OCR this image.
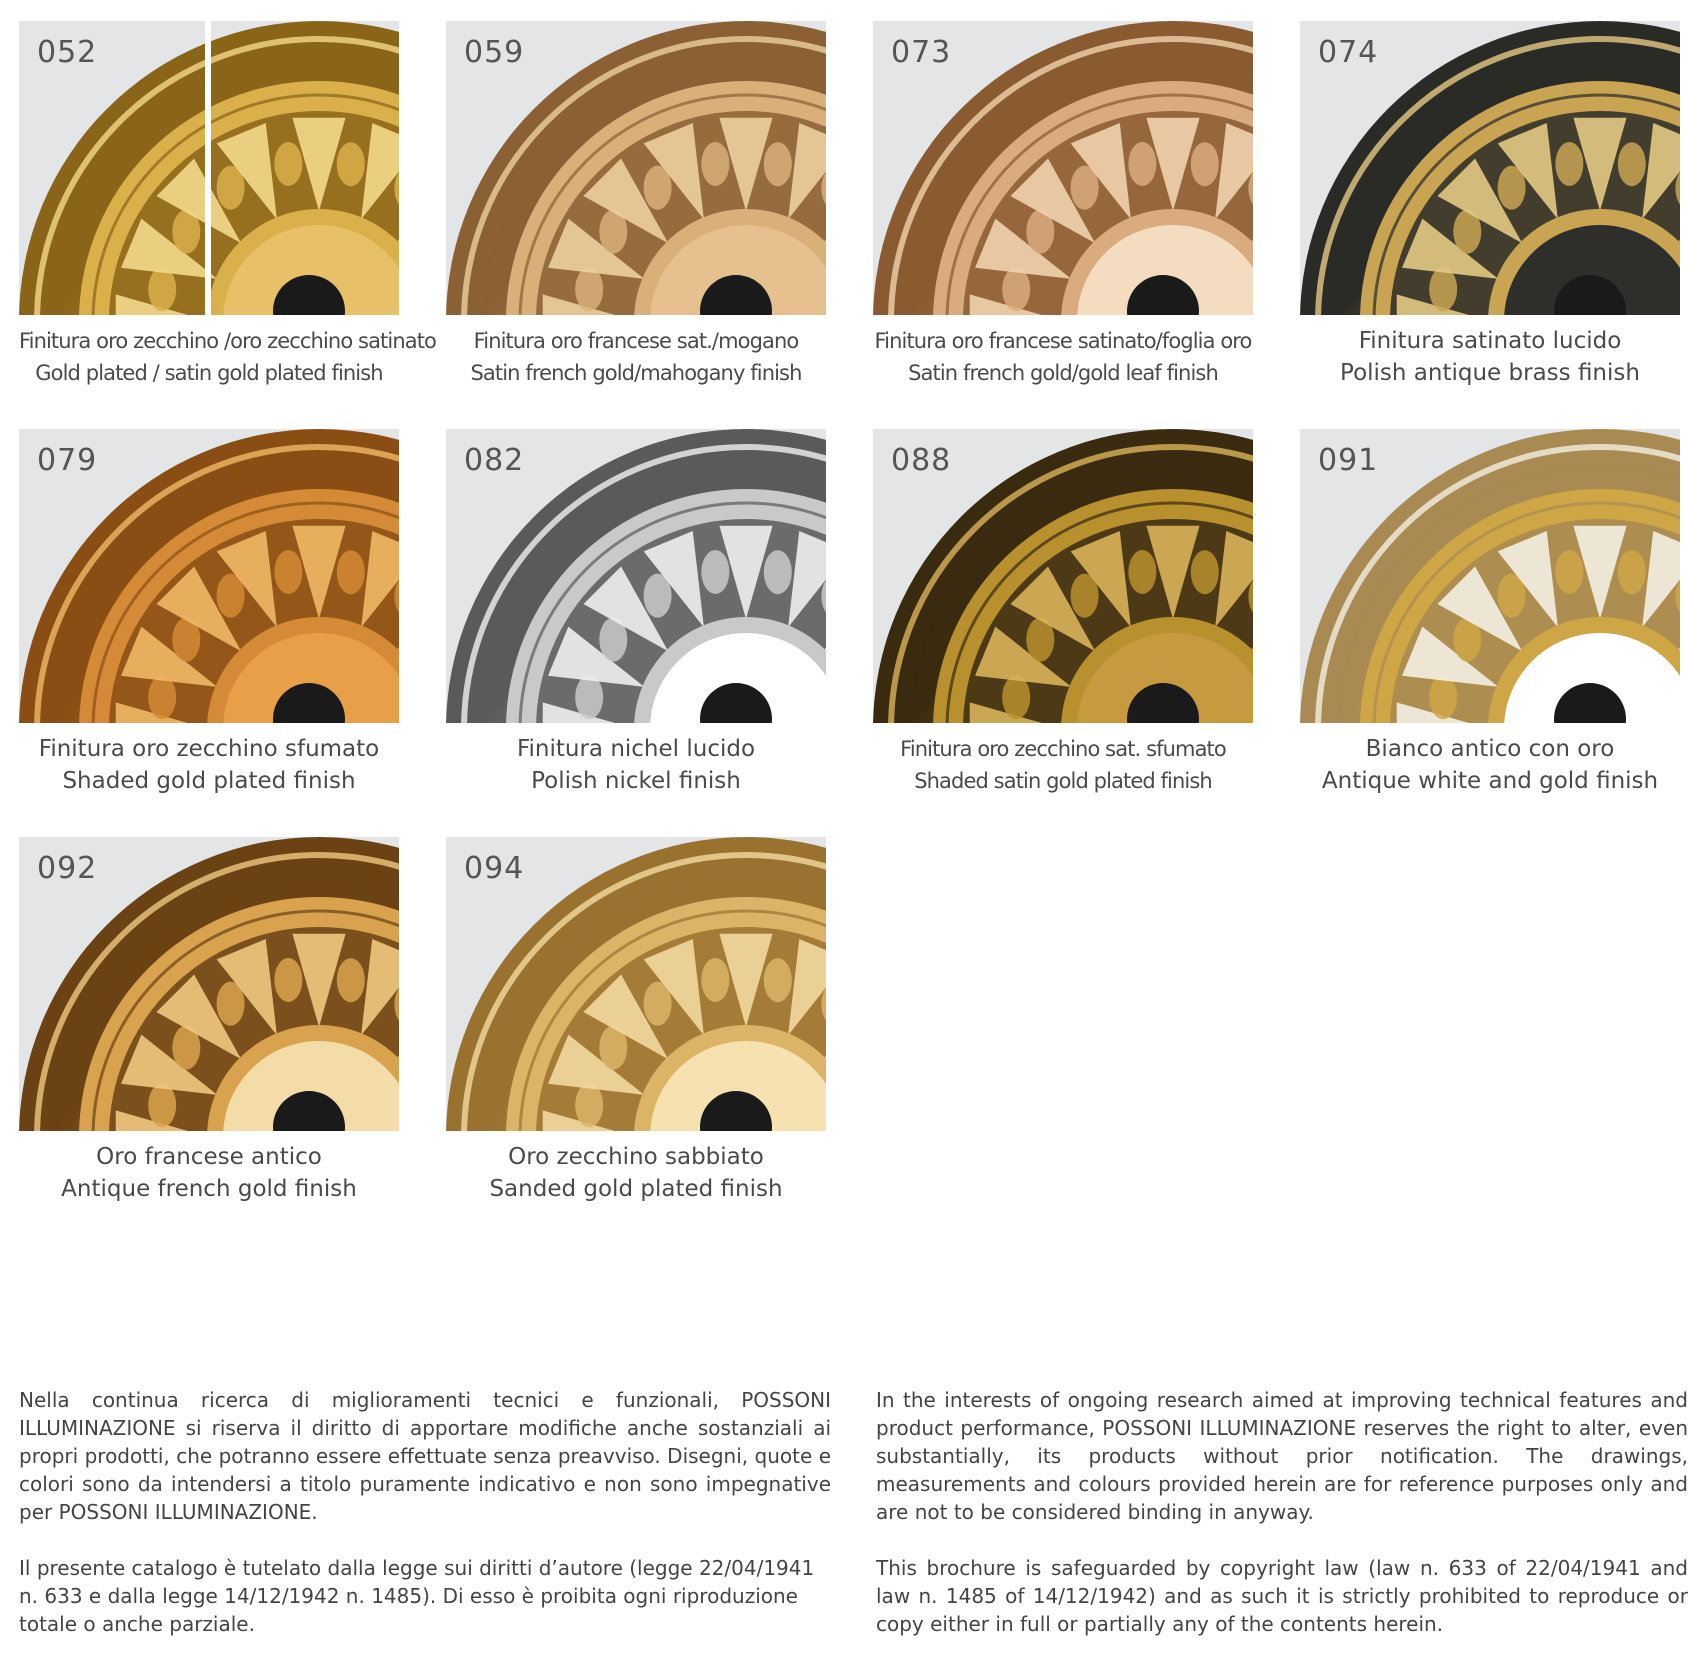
052
Finitura oro zecchino /oro zecchino satinato
Gold plated / satin gold plated finish
059
Finitura oro francese sat./mogano
Satin french gold/mahogany finish
073
Finitura oro francese satinato/foglia oro
Satin french gold/gold leaf finish
074
Finitura satinato lucido
Polish antique brass finish
079
Finitura oro zecchino sfumato
Shaded gold plated finish
082
Finitura nichel lucido
Polish nickel finish
088
Finitura oro zecchino sat. sfumato
Shaded satin gold plated finish
091
Bianco antico con oro
Antique white and gold finish
092
Oro francese antico
Antique french gold finish
094
Oro zecchino sabbiato
Sanded gold plated finish

Nella continua ricerca di miglioramenti tecnici e funzionali, POSSONI ILLUMINAZIONE si riserva il diritto di apportare modifiche anche sostanziali ai propri prodotti, che potranno essere effettuate senza preavviso. Disegni, quote e colori sono da intendersi a titolo puramente indicativo e non sono impegnative per POSSONI ILLUMINAZIONE.

Il presente catalogo è tutelato dalla legge sui diritti d’autore (legge 22/04/1941 n. 633 e dalla legge 14/12/1942 n. 1485). Di esso è proibita ogni riproduzione totale o anche parziale.

In the interests of ongoing research aimed at improving technical features and product performance, POSSONI ILLUMINAZIONE reserves the right to alter, even substantially, its products without prior notification. The drawings, measurements and colours provided herein are for reference purposes only and are not to be considered binding in anyway.

This brochure is safeguarded by copyright law (law n. 633 of 22/04/1941 and law n. 1485 of 14/12/1942) and as such it is strictly prohibited to reproduce or copy either in full or partially any of the contents herein.
